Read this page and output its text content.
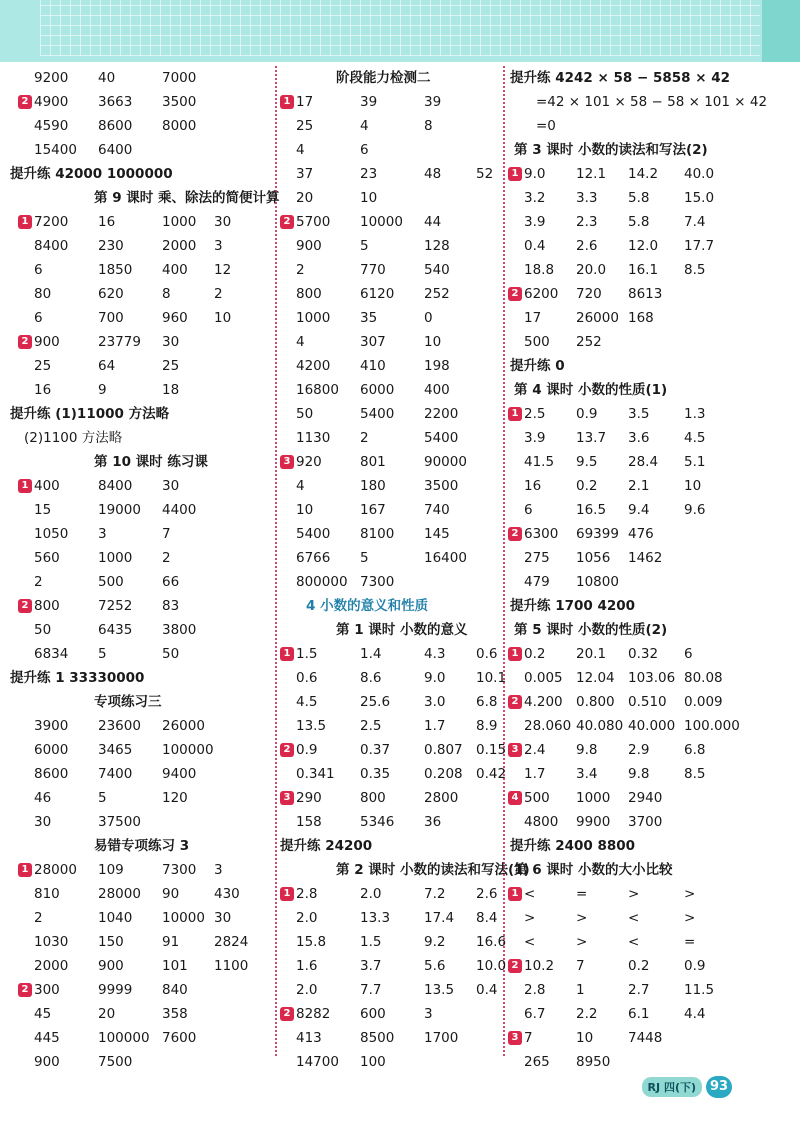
9200 40	7000
2 4900 3663 3500
4590 8600 8000
15400 6400
提升练 42000 1000000
第 9 课时 乘、除法的简便计算
1 7200 16	1000 30
8400 230	2000 3
6	1850 400 12
80	620	8	2
6	700	960 10
2 900	23779 30
25	64	25
16	9	18
提升练 (1)11000 方法略
(2)1100 方法略
第 10 课时 练习课
1 400	8400 30
15	19000 4400
1050 3	7
560	1000 2
2	500	66
2 800	7252 83
50	6435 3800
6834 5	50
提升练 1 33330000
专项练习三
3900 23600 26000
6000 3465 100000
8600 7400 9400
46	5	120
30	37500
易错专项练习 3
1 28000 109	7300 3
810	28000 90	430
2	1040 10000 30
1030 150	91	2824
2000 900	101 1100
2 300	9999 840
45	20	358
445	100000 7600
900	7500
阶段能力检测二
1 17	39	39
25	4	8
4	6
37	23	48	52
20	10
2 5700 10000 44
900	5	128
2	770	540
800	6120 252
1000 35	0
4	307	10
4200 410	198
16800 6000 400
50	5400 2200
1130 2	5400
3 920	801	90000
4	180	3500
10	167	740
5400 8100 145
6766 5	16400
800000 7300
4 小数的意义和性质
第 1 课时 小数的意义
1 1.5	1.4	4.3 0.6
0.6	8.6	9.0 10.1
4.5	25.6	3.0 6.8
13.5	2.5	1.7 8.9
2 0.9	0.37	0.807 0.15
0.341 0.35	0.208 0.42
3 290	800	2800
158	5346 36
提升练 24200
第 2 课时 小数的读法和写法(1)
1 2.8	2.0	7.2 2.6
2.0	13.3	17.4 8.4
15.8	1.5	9.2 16.6
1.6	3.7	5.6 10.0
2.0	7.7	13.5 0.4
2 8282 600	3
413	8500 1700
14700 100
提升练 4242 × 58 − 5858 × 42
=42 × 101 × 58 − 58 × 101 × 42
=0
第 3 课时 小数的读法和写法(2)
1 9.0 12.1 14.2 40.0
3.2 3.3 5.8	15.0
3.9 2.3 5.8	7.4
0.4 2.6 12.0 17.7
18.8 20.0 16.1 8.5
2 6200 720 8613
17	26000 168
500 252
提升练 0
第 4 课时 小数的性质(1)
1 2.5 0.9 3.5	1.3
3.9 13.7 3.6	4.5
41.5 9.5 28.4 5.1
16	0.2 2.1	10
6	16.5 9.4	9.6
2 6300 69399 476
275 1056 1462
479 10800
提升练 1700 4200
第 5 课时 小数的性质(2)
1 0.2 20.1 0.32 6
0.005 12.04 103.06 80.08
2 4.200 0.800 0.510 0.009
28.060 40.080 40.000 100.000
3 2.4 9.8 2.9	6.8
1.7 3.4 9.8	8.5
4 500 1000 2940
4800 9900 3700
提升练 2400 8800
第 6 课时 小数的大小比较
1 <	=	>	>
>	>	<	>
<	>	<	=
2 10.2 7	0.2	0.9
2.8 1	2.7	11.5
6.7 2.2 6.1	4.4
3 7	10	7448
265 8950
RJ 四(下)	93
